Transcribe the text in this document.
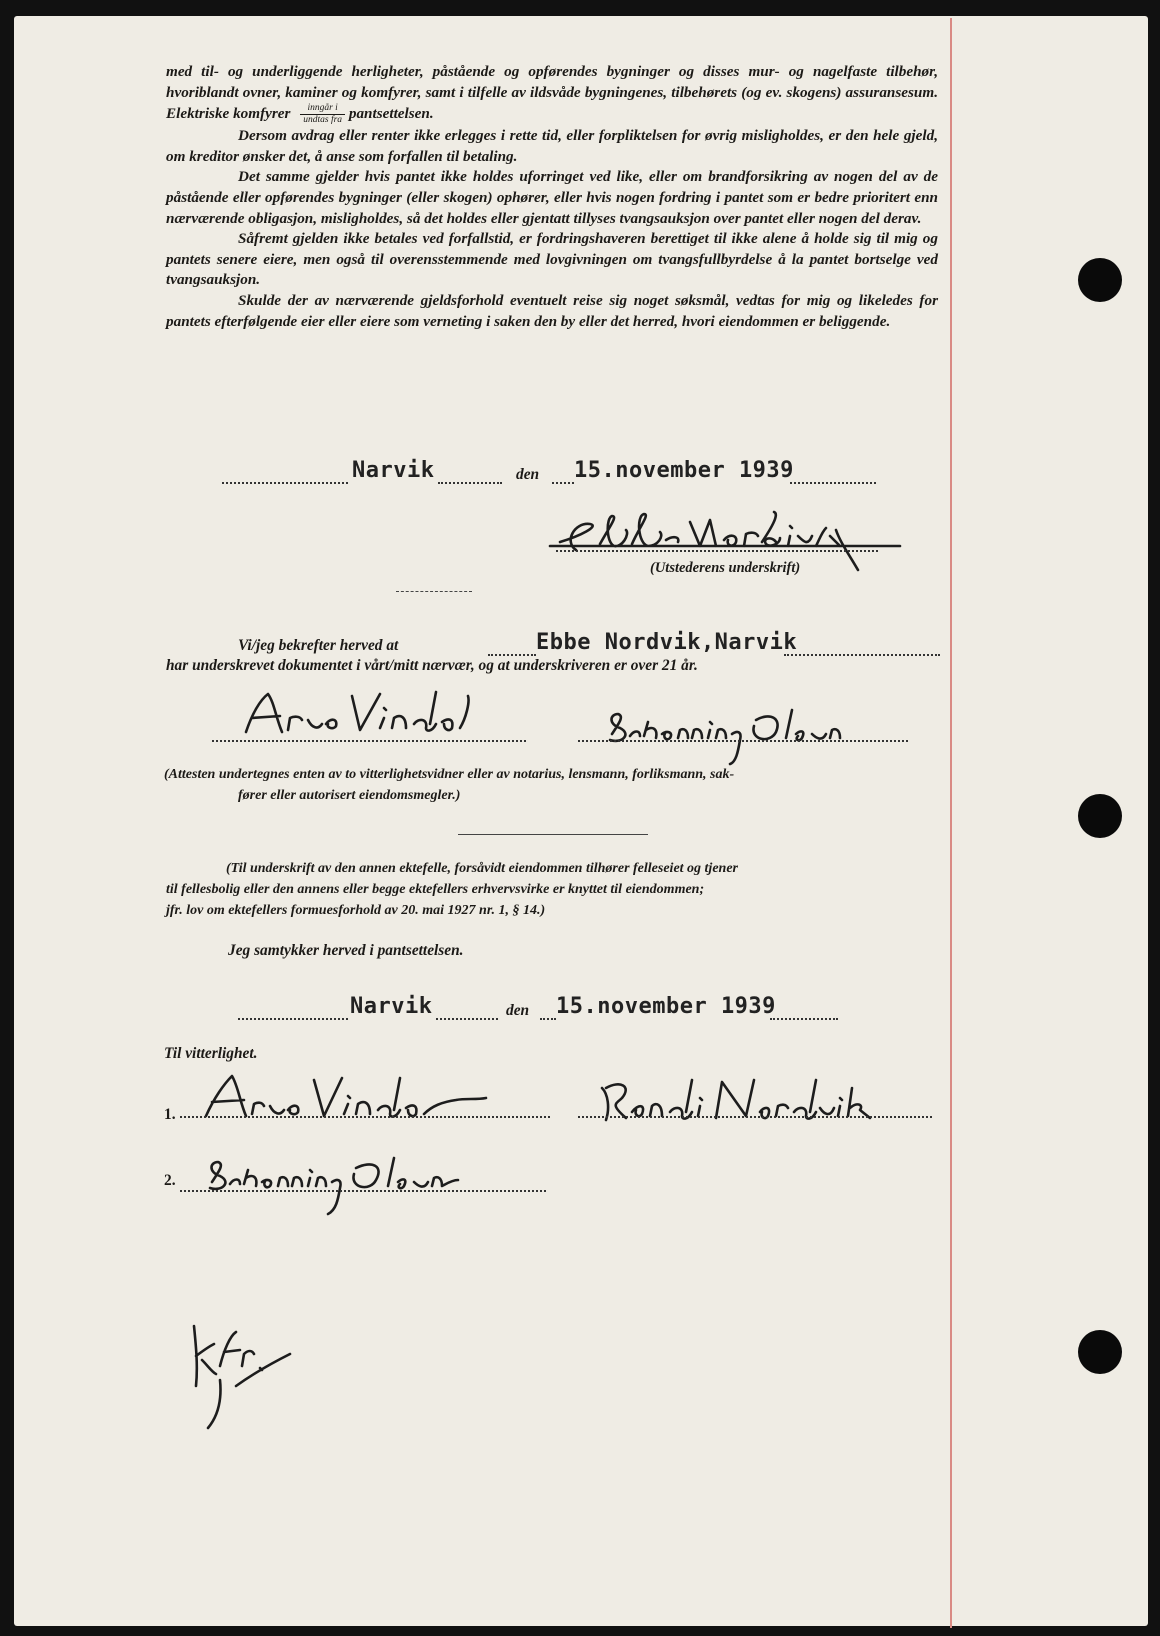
med til- og underliggende herligheter, påstående og opførendes bygninger og disses mur- og nagelfaste tilbehør, hvoriblandt ovner, kaminer og komfyrer, samt i tilfelle av ildsvåde bygningenes, tilbehørets (og ev. skogens) assuransesum. Elektriske komfyrer $\frac{\text{inngår i}}{\text{undtas fra}}$ pantsettelsen.

Dersom avdrag eller renter ikke erlegges i rette tid, eller forpliktelsen for øvrig misligholdes, er den hele gjeld, om kreditor ønsker det, å anse som forfallen til betaling.

Det samme gjelder hvis pantet ikke holdes uforringet ved like, eller om brandforsikring av nogen del av de påstående eller opførendes bygninger (eller skogen) ophører, eller hvis nogen fordring i pantet som er bedre prioritert enn nærværende obligasjon, misligholdes, så det holdes eller gjentatt tillyses tvangsauksjon over pantet eller nogen del derav.

Såfremt gjelden ikke betales ved forfallstid, er fordringshaveren berettiget til ikke alene å holde sig til mig og pantets senere eiere, men også til overensstemmende med lovgivningen om tvangsfullbyrdelse å la pantet bortselge ved tvangsauksjon.

Skulde der av nærværende gjeldsforhold eventuelt reise sig noget søksmål, vedtas for mig og likeledes for pantets efterfølgende eier eller eiere som verneting i saken den by eller det herred, hvori eiendommen er beliggende.

Narvik	den 15.november 1939
(Utstederens underskrift)
Vi/jeg bekrefter herved at	Ebbe Nordvik,Narvik
har underskrevet dokumentet i vårt/mitt nærvær, og at underskriveren er over 21 år.
(Attesten undertegnes enten av to vitterlighetsvidner eller av notarius, lensmann, forliksmann, sak-
fører eller autorisert eiendomsmegler.)
(Til underskrift av den annen ektefelle, forsåvidt eiendommen tilhører felleseiet og tjener
til fellesbolig eller den annens eller begge ektefellers erhvervsvirke er knyttet til eiendommen;
jfr. lov om ektefellers formuesforhold av 20. mai 1927 nr. 1, § 14.)
Jeg samtykker herved i pantsettelsen.
Narvik	den 15.november 1939
Til vitterlighet.
1.
2.
